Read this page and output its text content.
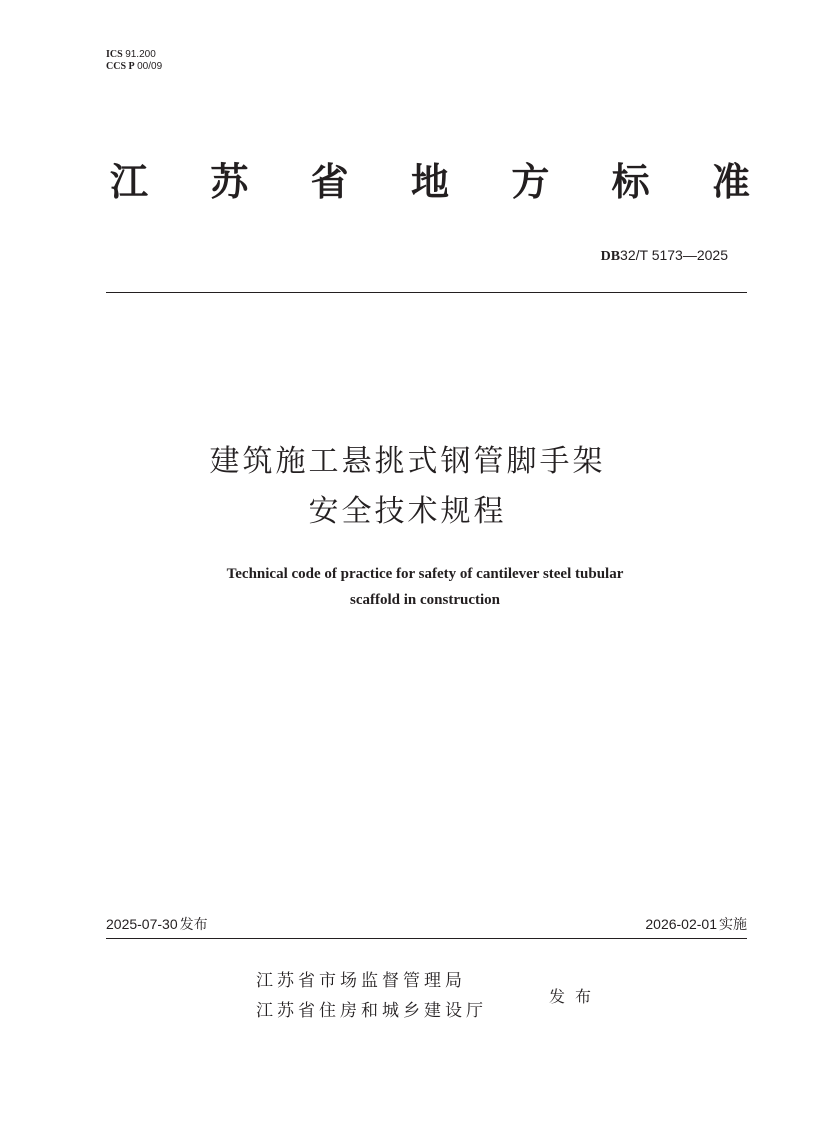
ICS 91.200
CCS P 00/09
江 苏 省 地 方 标 准
DB32/T 5173—2025
建筑施工悬挑式钢管脚手架
安全技术规程
Technical code of practice for safety of cantilever steel tubular
scaffold in construction
2025-07-30 发布	2026-02-01 实施
江苏省市场监督管理局
江苏省住房和城乡建设厅
发布
